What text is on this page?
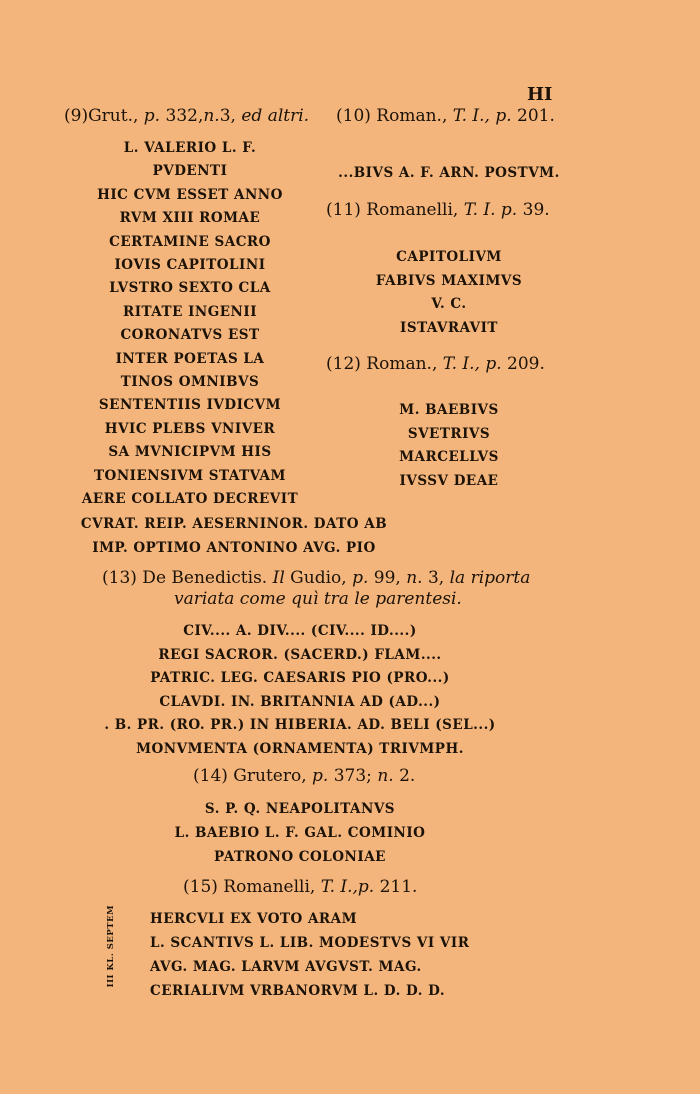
HI
(9)Grut., p. 332,n.3, ed altri. (10) Roman., T. I., p. 201.
L. VALERIO L. F.
PVDENTI
HIC CVM ESSET ANNO
RVM XIII ROMAE
CERTAMINE SACRO
IOVIS CAPITOLINI
LVSTRO SEXTO CLA
RITATE INGENII
CORONATVS EST
INTER POETAS LA
TINOS OMNIBVS
SENTENTIIS IVDICVM
HVIC PLEBS VNIVER
SA MVNICIPVM HIS
TONIENSIVM STATVAM
AERE COLLATO DECREVIT
CVRAT. REIP. AESERNINOR. DATO AB
IMP. OPTIMO ANTONINO AVG. PIO
...BIVS A. F. ARN. POSTVM.
(11) Romanelli, T. I. p. 39.
CAPITOLIVM
FABIVS MAXIMVS
V. C.
ISTAVRAVIT
(12) Roman., T. I., p. 209.
M. BAEBIVS
SVETRIVS
MARCELLVS
IVSSV DEAE
(13) De Benedictis. Il Gudio, p. 99, n. 3, la riporta
variata come quì tra le parentesi.
CIV.... A. DIV.... (CIV.... ID....)
REGI SACROR. (SACERD.) FLAM....
PATRIC. LEG. CAESARIS PIO (PRO...)
CLAVDI. IN. BRITANNIA AD (AD...)
. B. PR. (RO. PR.) IN HIBERIA. AD. BELI (SEL...)
MONVMENTA (ORNAMENTA) TRIVMPH.
(14) Grutero, p. 373; n. 2.
S. P. Q. NEAPOLITANVS
L. BAEBIO L. F. GAL. COMINIO
PATRONO COLONIAE
(15) Romanelli, T. I.,p. 211.
HERCVLI EX VOTO ARAM
L. SCANTIVS L. LIB. MODESTVS VI VIR
AVG. MAG. LARVM AVGVST. MAG.
CERIALIVM VRBANORVM L. D. D. D.
III KL. SEPTEM
